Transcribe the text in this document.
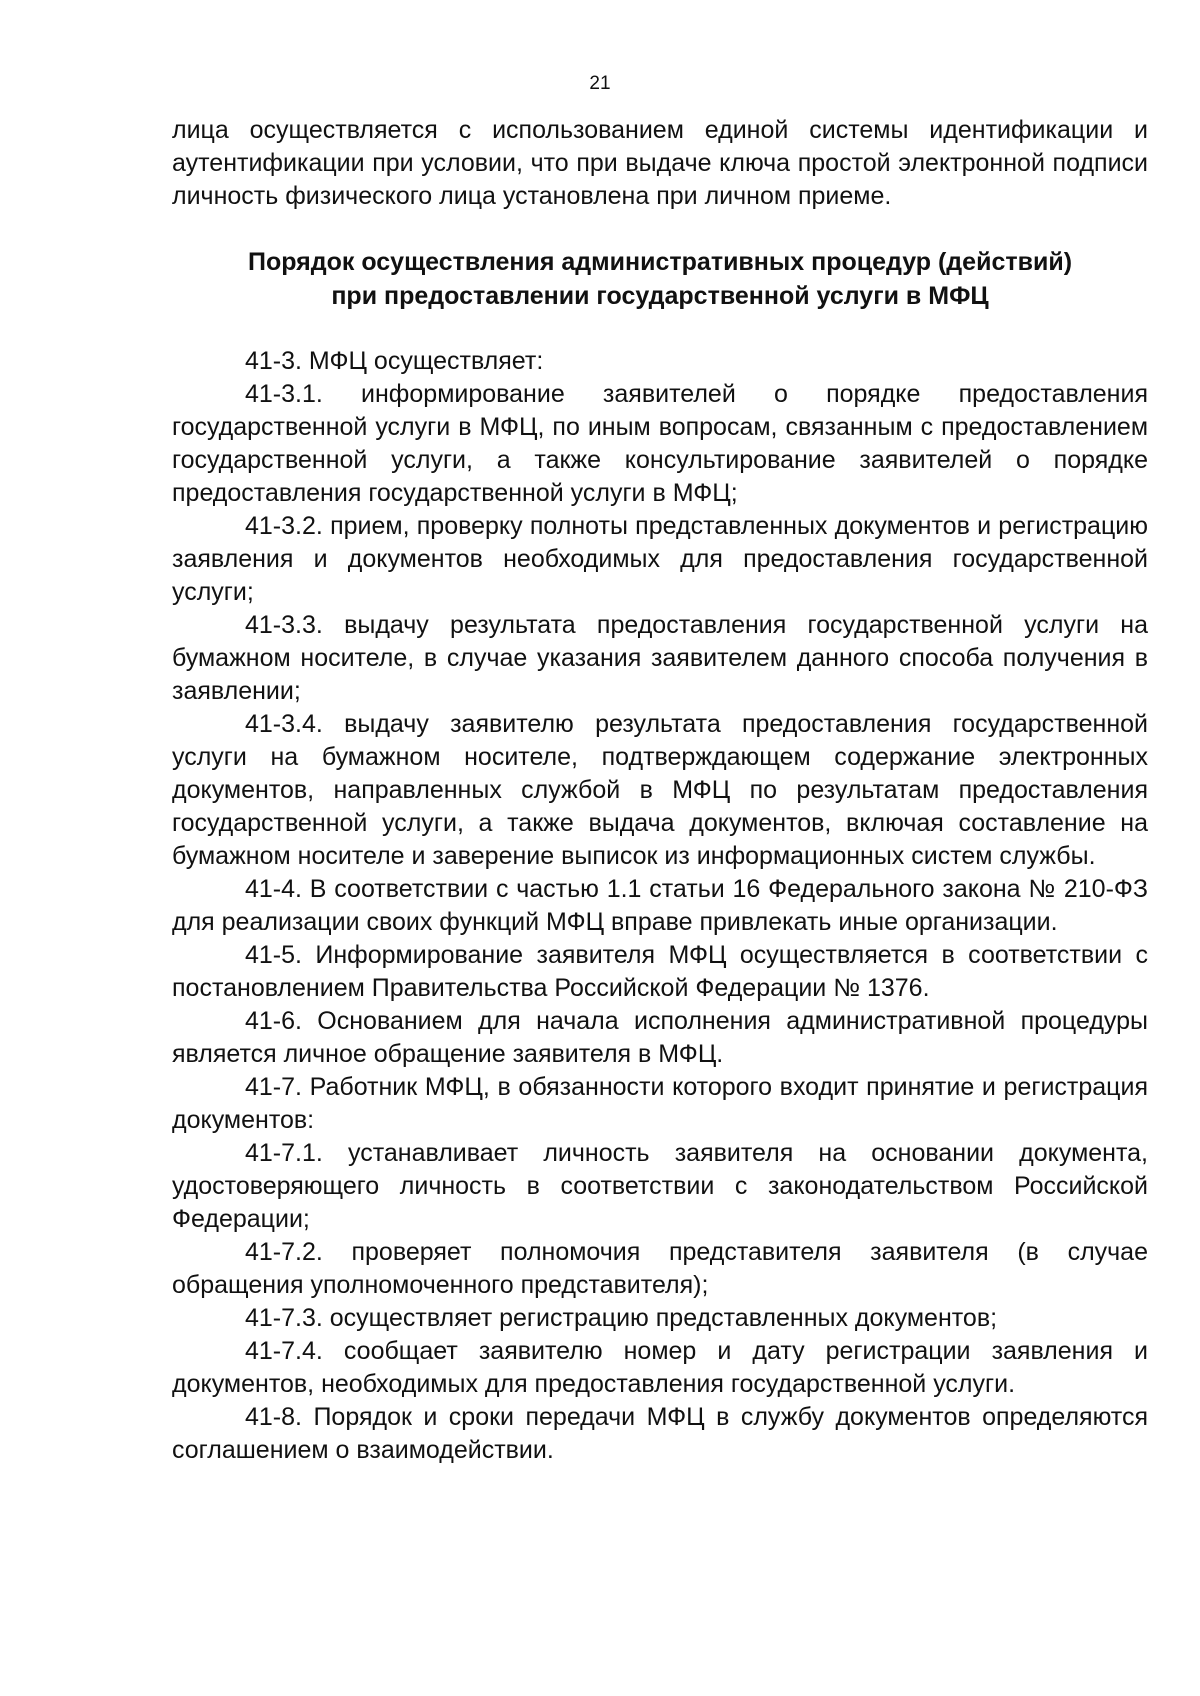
21

лица осуществляется с использованием единой системы идентификации и аутентификации при условии, что при выдаче ключа простой электронной подписи личность физического лица установлена при личном приеме.

Порядок осуществления административных процедур (действий)
при предоставлении государственной услуги в МФЦ

41-3. МФЦ осуществляет:

41-3.1. информирование заявителей о порядке предоставления государственной услуги в МФЦ, по иным вопросам, связанным с предоставлением государственной услуги, а также консультирование заявителей о порядке предоставления государственной услуги в МФЦ;

41-3.2. прием, проверку полноты представленных документов и регистрацию заявления и документов необходимых для предоставления государственной услуги;

41-3.3. выдачу результата предоставления государственной услуги на бумажном носителе, в случае указания заявителем данного способа получения в заявлении;

41-3.4. выдачу заявителю результата предоставления государственной услуги на бумажном носителе, подтверждающем содержание электронных документов, направленных службой в МФЦ по результатам предоставления государственной услуги, а также выдача документов, включая составление на бумажном носителе и заверение выписок из информационных систем службы.

41-4. В соответствии с частью 1.1 статьи 16 Федерального закона № 210-ФЗ для реализации своих функций МФЦ вправе привлекать иные организации.

41-5. Информирование заявителя МФЦ осуществляется в соответствии с постановлением Правительства Российской Федерации № 1376.

41-6. Основанием для начала исполнения административной процедуры является личное обращение заявителя в МФЦ.

41-7. Работник МФЦ, в обязанности которого входит принятие и регистрация документов:

41-7.1. устанавливает личность заявителя на основании документа, удостоверяющего личность в соответствии с законодательством Российской Федерации;

41-7.2. проверяет полномочия представителя заявителя (в случае обращения уполномоченного представителя);

41-7.3. осуществляет регистрацию представленных документов;

41-7.4. сообщает заявителю номер и дату регистрации заявления и документов, необходимых для предоставления государственной услуги.

41-8. Порядок и сроки передачи МФЦ в службу документов определяются соглашением о взаимодействии.
